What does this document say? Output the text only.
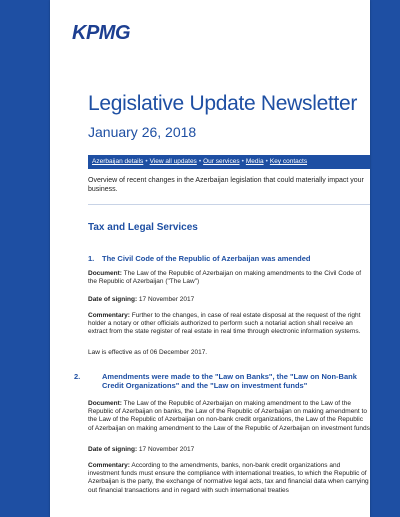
KPMG
Legislative Update Newsletter
January 26, 2018
Azerbaijan details • View all updates • Our services • Media • Key contacts
Overview of recent changes in the Azerbaijan legislation that could materially impact your business.
Tax and Legal Services
1. The Civil Code of the Republic of Azerbaijan was amended
Document: The Law of the Republic of Azerbaijan on making amendments to the Civil Code of the Republic of Azerbaijan ("The Law")
Date of signing: 17 November 2017
Commentary: Further to the changes, in case of real estate disposal at the request of the right holder a notary or other officials authorized to perform such a notarial action shall receive an extract from the state register of real estate in real time through electronic information systems.
Law is effective as of 06 December 2017.
2.	Amendments were made to the "Law on Banks", the "Law on Non-Bank Credit Organizations" and the "Law on investment funds"
Document: The Law of the Republic of Azerbaijan on making amendment to the Law of the Republic of Azerbaijan on banks, the Law of the Republic of Azerbaijan on making amendment to the Law of the Republic of Azerbaijan on non-bank credit organizations, the Law of the Republic of Azerbaijan on making amendment to the Law of the Republic of Azerbaijan on investment funds
Date of signing: 17 November 2017
Commentary: According to the amendments, banks, non-bank credit organizations and investment funds must ensure the compliance with international treaties, to which the Republic of Azerbaijan is the party, the exchange of normative legal acts, tax and financial data when carrying out financial transactions and in regard with such international treaties
